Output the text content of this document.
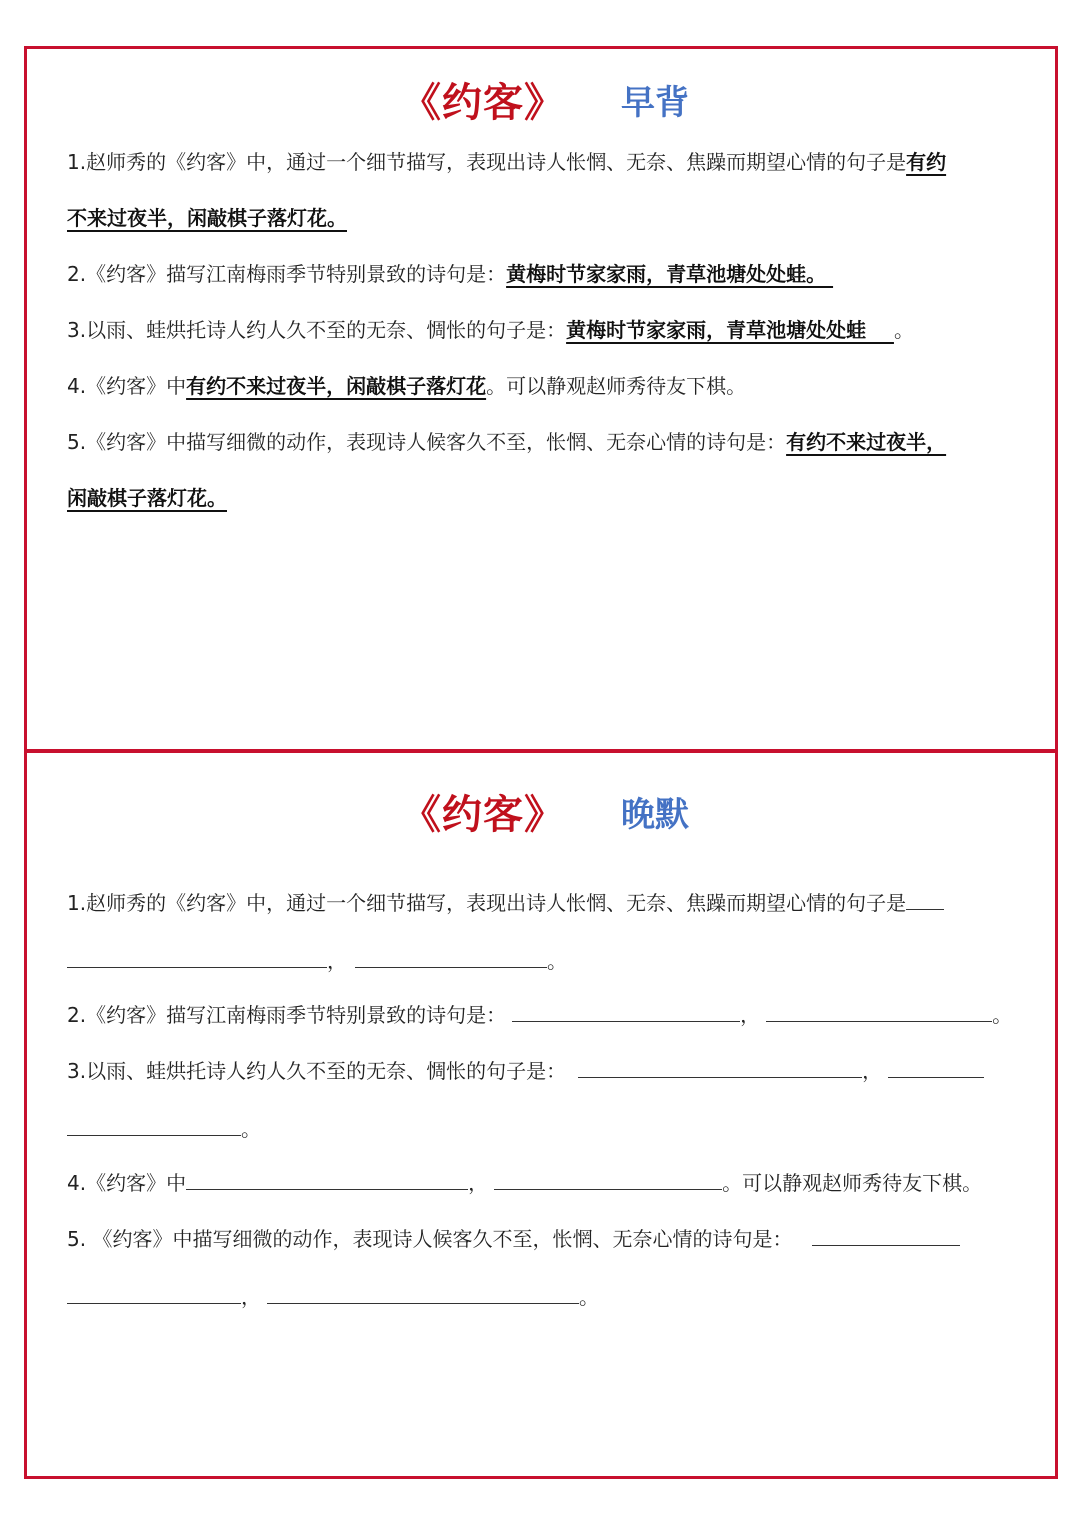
《约客》 早背
1.赵师秀的《约客》中，通过一个细节描写，表现出诗人怅惘、无奈、焦躁而期望心情的句子是有约
不来过夜半，闲敲棋子落灯花。
2.《约客》描写江南梅雨季节特别景致的诗句是：黄梅时节家家雨，青草池塘处处蛙。
3.以雨、蛙烘托诗人约人久不至的无奈、惆怅的句子是：黄梅时节家家雨，青草池塘处处蛙    。
4.《约客》中有约不来过夜半，闲敲棋子落灯花。可以静观赵师秀待友下棋。
5.《约客》中描写细微的动作，表现诗人候客久不至，怅惘、无奈心情的诗句是：有约不来过夜半，
闲敲棋子落灯花。
《约客》 晚默
1.赵师秀的《约客》中，通过一个细节描写，表现出诗人怅惘、无奈、焦躁而期望心情的句子是
，	。
2.《约客》描写江南梅雨季节特别景致的诗句是：	，	。
3.以雨、蛙烘托诗人约人久不至的无奈、惆怅的句子是：	，
。
4.《约客》中	，	。可以静观赵师秀待友下棋。
5. 《约客》中描写细微的动作，表现诗人候客久不至，怅惘、无奈心情的诗句是：
，	。
